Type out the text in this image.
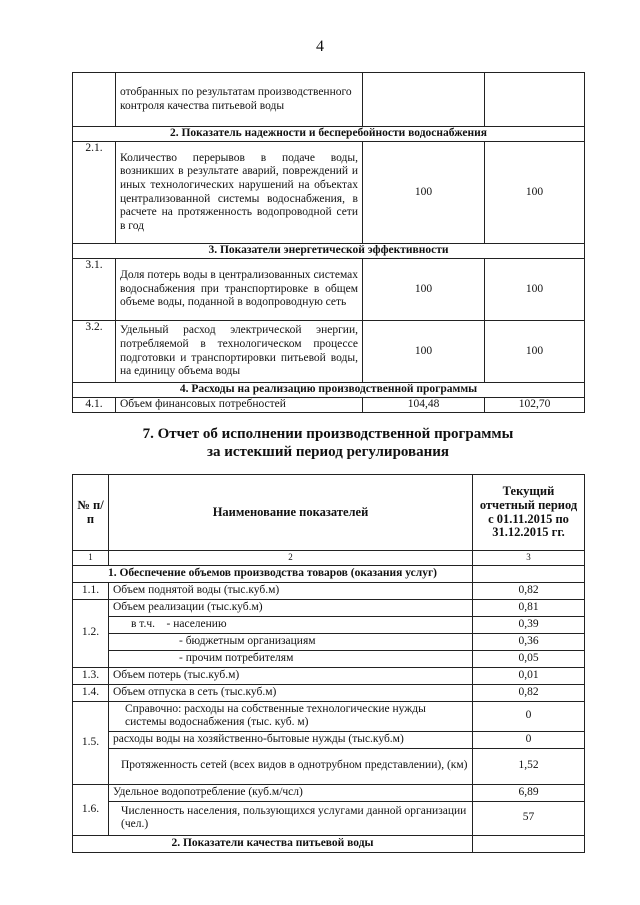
4
	отобранных по результатам производственного контроля качества питьевой воды		
2. Показатель надежности и бесперебойности водоснабжения			
2.1.	Количество перерывов в подаче воды, возникших в результате аварий, повреждений и иных технологических нарушений на объектах централизованной системы водоснабжения, в расчете на протяженность водопроводной сети в год	100	100
3. Показатели энергетической эффективности			
3.1.	Доля потерь воды в централизованных системах водоснабжения при транспортировке в общем объеме воды, поданной в водопроводную сеть	100	100
3.2.	Удельный расход электрической энергии, потребляемой в технологическом процессе подготовки и транспортировки питьевой воды, на единицу объема воды	100	100
4. Расходы на реализацию производственной программы			
4.1.	Объем финансовых потребностей	104,48	102,70
7. Отчет об исполнении производственной программы
за истекший период регулирования
№ п/п	Наименование показателей	Текущий отчетный период с 01.11.2015 по 31.12.2015 гг.
1	2	3
1. Обеспечение объемов производства товаров (оказания услуг)		
1.1.	Объем поднятой воды (тыс.куб.м)	0,82
1.2.	Объем реализации (тыс.куб.м)	0,81
	в т.ч. - населению	0,39
	- бюджетным организациям	0,36
	- прочим потребителям	0,05
1.3.	Объем потерь (тыс.куб.м)	0,01
1.4.	Объем отпуска в сеть (тыс.куб.м)	0,82
1.5.	Справочно: расходы на собственные технологические нужды системы водоснабжения (тыс. куб. м)	0
	расходы воды на хозяйственно-бытовые нужды (тыс.куб.м)	0
	Протяженность сетей (всех видов в однотрубном представлении), (км)	1,52
1.6.	Удельное водопотребление (куб.м/чсл)	6,89
	Численность населения, пользующихся услугами данной организации (чел.)	57
2. Показатели качества питьевой воды		
